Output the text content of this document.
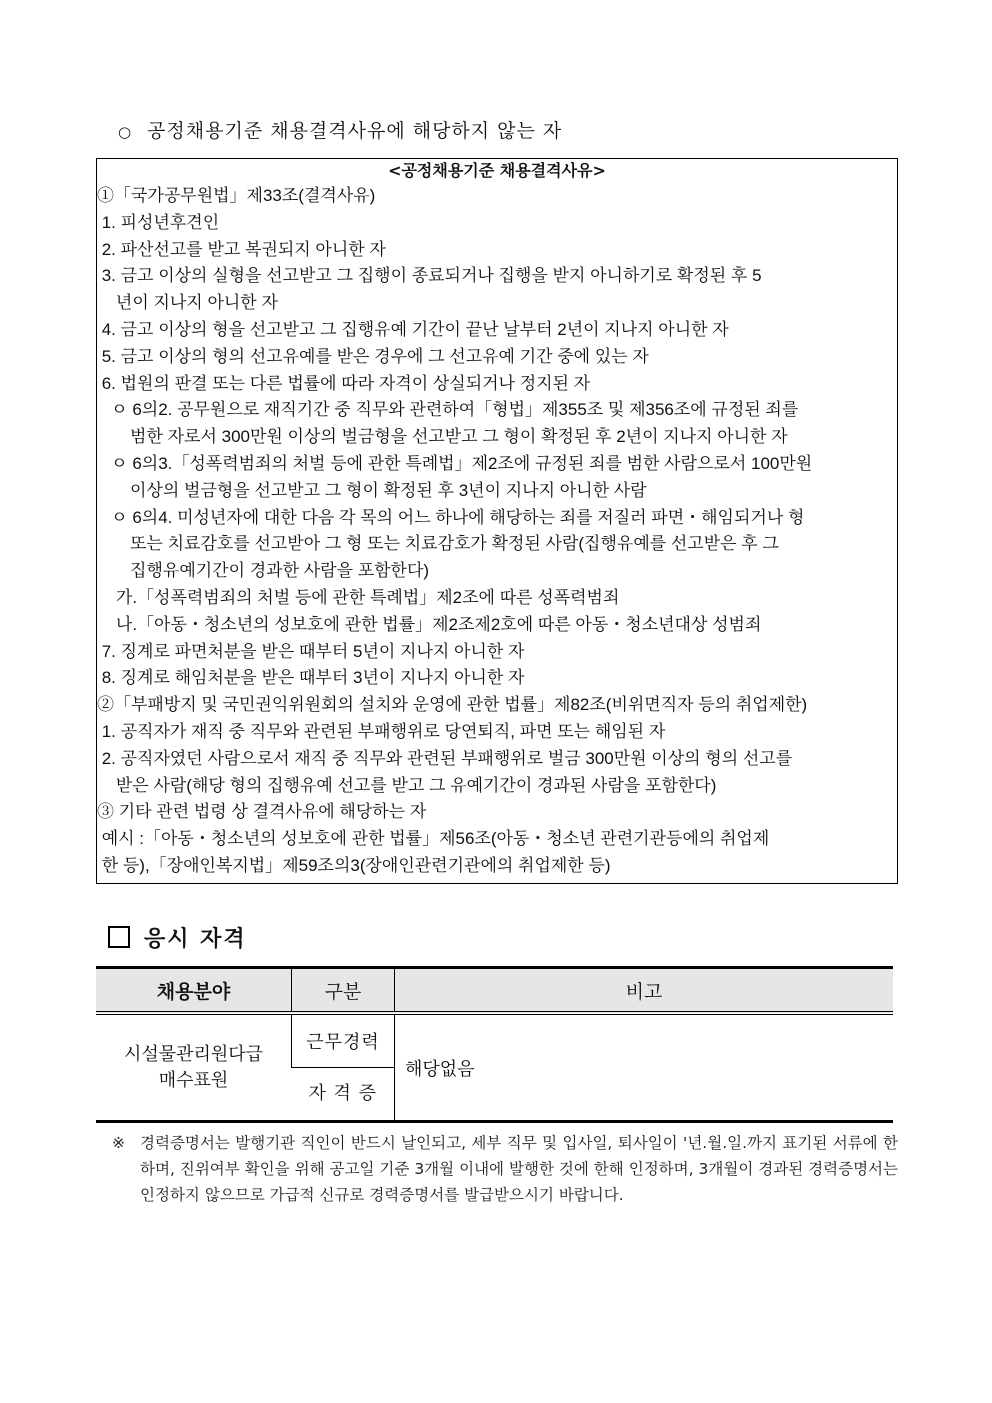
○ 공정채용기준 채용결격사유에 해당하지 않는 자
<공정채용기준 채용결격사유>
①「국가공무원법」제33조(결격사유)
1. 피성년후견인
2. 파산선고를 받고 복권되지 아니한 자
3. 금고 이상의 실형을 선고받고 그 집행이 종료되거나 집행을 받지 아니하기로 확정된 후 5
년이 지나지 아니한 자
4. 금고 이상의 형을 선고받고 그 집행유예 기간이 끝난 날부터 2년이 지나지 아니한 자
5. 금고 이상의 형의 선고유예를 받은 경우에 그 선고유예 기간 중에 있는 자
6. 법원의 판결 또는 다른 법률에 따라 자격이 상실되거나 정지된 자
ㅇ 6의2. 공무원으로 재직기간 중 직무와 관련하여「형법」제355조 및 제356조에 규정된 죄를
범한 자로서 300만원 이상의 벌금형을 선고받고 그 형이 확정된 후 2년이 지나지 아니한 자
ㅇ 6의3.「성폭력범죄의 처벌 등에 관한 특례법」제2조에 규정된 죄를 범한 사람으로서 100만원
이상의 벌금형을 선고받고 그 형이 확정된 후 3년이 지나지 아니한 사람
ㅇ 6의4. 미성년자에 대한 다음 각 목의 어느 하나에 해당하는 죄를 저질러 파면・해임되거나 형
또는 치료감호를 선고받아 그 형 또는 치료감호가 확정된 사람(집행유예를 선고받은 후 그
집행유예기간이 경과한 사람을 포함한다)
가.「성폭력범죄의 처벌 등에 관한 특례법」제2조에 따른 성폭력범죄
나.「아동・청소년의 성보호에 관한 법률」제2조제2호에 따른 아동・청소년대상 성범죄
7. 징계로 파면처분을 받은 때부터 5년이 지나지 아니한 자
8. 징계로 해임처분을 받은 때부터 3년이 지나지 아니한 자
②「부패방지 및 국민권익위원회의 설치와 운영에 관한 법률」제82조(비위면직자 등의 취업제한)
1. 공직자가 재직 중 직무와 관련된 부패행위로 당연퇴직, 파면 또는 해임된 자
2. 공직자였던 사람으로서 재직 중 직무와 관련된 부패행위로 벌금 300만원 이상의 형의 선고를
받은 사람(해당 형의 집행유예 선고를 받고 그 유예기간이 경과된 사람을 포함한다)
③ 기타 관련 법령 상 결격사유에 해당하는 자
예시 :「아동・청소년의 성보호에 관한 법률」제56조(아동・청소년 관련기관등에의 취업제
한 등),「장애인복지법」제59조의3(장애인관련기관에의 취업제한 등)
응시 자격
채용분야	구분	비고

시설물관리원다급
매수표원	근무경력	해당없음
	자 격 증	
※ 경력증명서는 발행기관 직인이 반드시 날인되고, 세부 직무 및 입사일, 퇴사일이 '년.월.일.까지 표기된 서류에 한하며, 진위여부 확인을 위해 공고일 기준 3개월 이내에 발행한 것에 한해 인정하며, 3개월이 경과된 경력증명서는 인정하지 않으므로 가급적 신규로 경력증명서를 발급받으시기 바랍니다.
